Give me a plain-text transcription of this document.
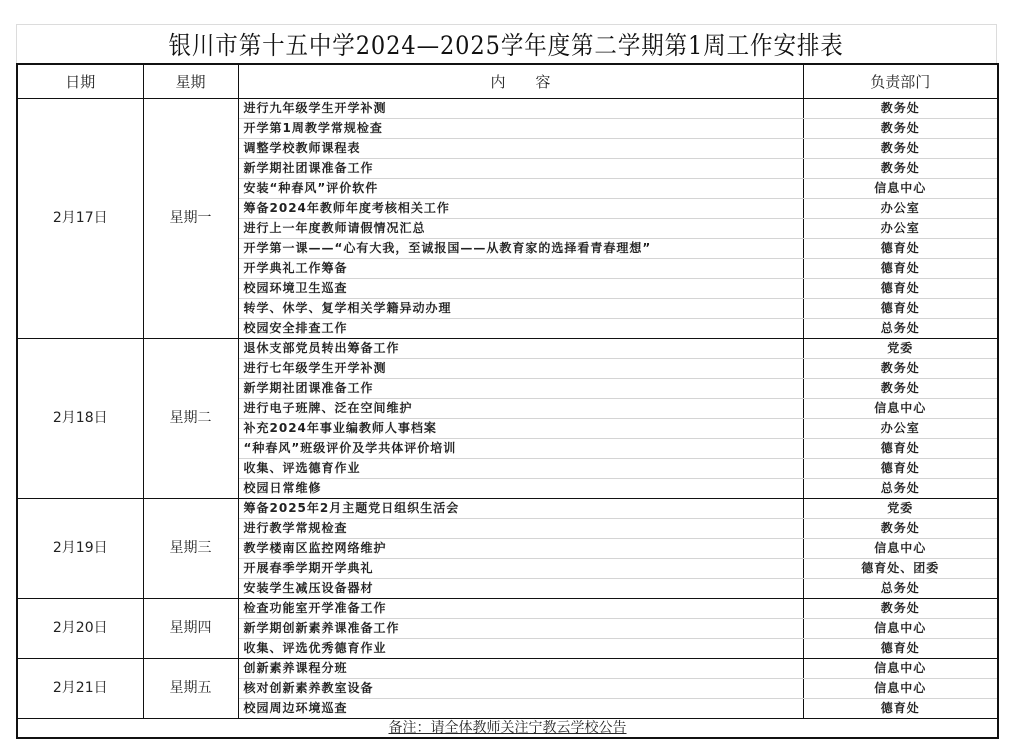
银川市第十五中学2024—2025学年度第二学期第1周工作安排表
日期	星期	内　　容	负责部门
2月17日	星期一	进行九年级学生开学补测	教务处
		开学第1周教学常规检查	教务处
		调整学校教师课程表	教务处
		新学期社团课准备工作	教务处
		安装“种春风”评价软件	信息中心
		筹备2024年教师年度考核相关工作	办公室
		进行上一年度教师请假情况汇总	办公室
		开学第一课——“心有大我，至诚报国——从教育家的选择看青春理想”	德育处
		开学典礼工作筹备	德育处
		校园环境卫生巡查	德育处
		转学、休学、复学相关学籍异动办理	德育处
		校园安全排查工作	总务处
2月18日	星期二	退休支部党员转出筹备工作	党委
		进行七年级学生开学补测	教务处
		新学期社团课准备工作	教务处
		进行电子班牌、泛在空间维护	信息中心
		补充2024年事业编教师人事档案	办公室
		“种春风”班级评价及学共体评价培训	德育处
		收集、评选德育作业	德育处
		校园日常维修	总务处
2月19日	星期三	筹备2025年2月主题党日组织生活会	党委
		进行教学常规检查	教务处
		教学楼南区监控网络维护	信息中心
		开展春季学期开学典礼	德育处、团委
		安装学生减压设备器材	总务处
2月20日	星期四	检查功能室开学准备工作	教务处
		新学期创新素养课准备工作	信息中心
		收集、评选优秀德育作业	德育处
2月21日	星期五	创新素养课程分班	信息中心
		核对创新素养教室设备	信息中心
		校园周边环境巡查	德育处
备注：请全体教师关注宁教云学校公告			
